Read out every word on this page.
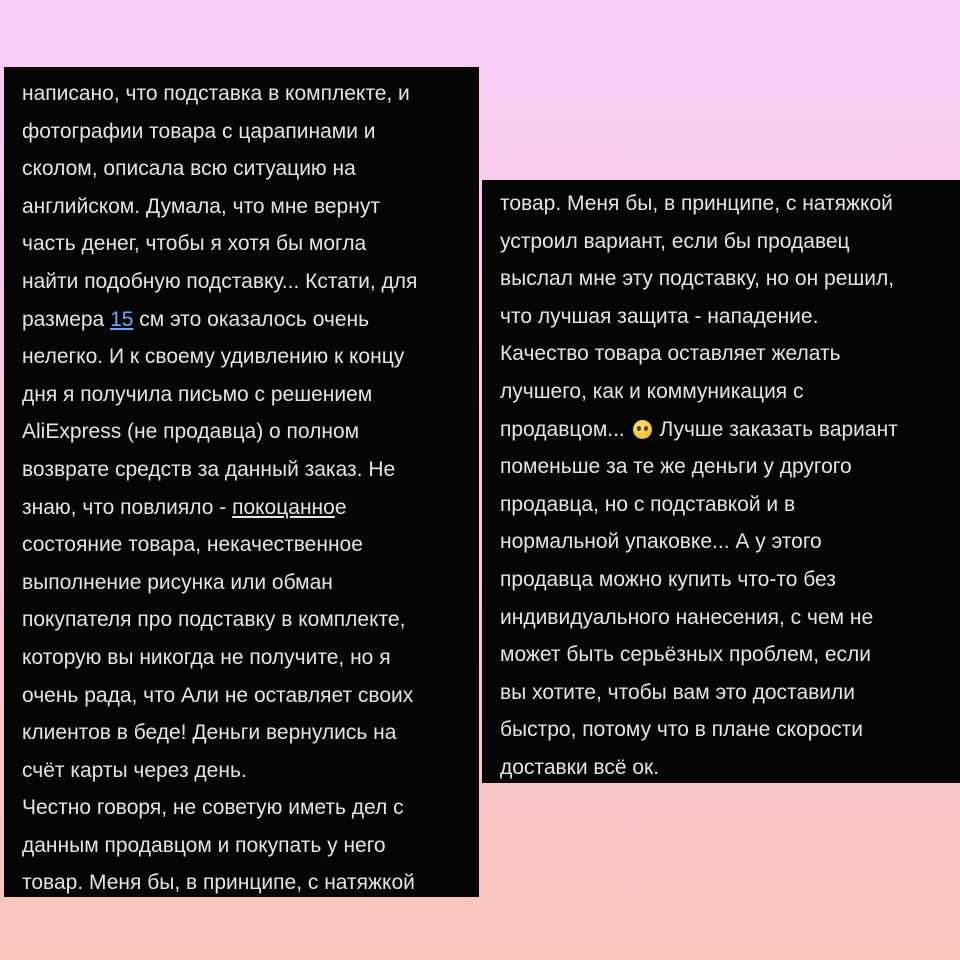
написано, что подставка в комплекте, и
фотографии товара с царапинами и
сколом, описала всю ситуацию на
английском. Думала, что мне вернут
часть денег, чтобы я хотя бы могла
найти подобную подставку... Кстати, для
размера 15 см это оказалось очень
нелегко. И к своему удивлению к концу
дня я получила письмо с решением
AliExpress (не продавца) о полном
возврате средств за данный заказ. Не
знаю, что повлияло - покоцанное
состояние товара, некачественное
выполнение рисунка или обман
покупателя про подставку в комплекте,
которую вы никогда не получите, но я
очень рада, что Али не оставляет своих
клиентов в беде! Деньги вернулись на
счёт карты через день.
Честно говоря, не советую иметь дел с
данным продавцом и покупать у него
товар. Меня бы, в принципе, с натяжкой
товар. Меня бы, в принципе, с натяжкой
устроил вариант, если бы продавец
выслал мне эту подставку, но он решил,
что лучшая защита - нападение.
Качество товара оставляет желать
лучшего, как и коммуникация с
продавцом...  Лучше заказать вариант
поменьше за те же деньги у другого
продавца, но с подставкой и в
нормальной упаковке... А у этого
продавца можно купить что-то без
индивидуального нанесения, с чем не
может быть серьёзных проблем, если
вы хотите, чтобы вам это доставили
быстро, потому что в плане скорости
доставки всё ок.
